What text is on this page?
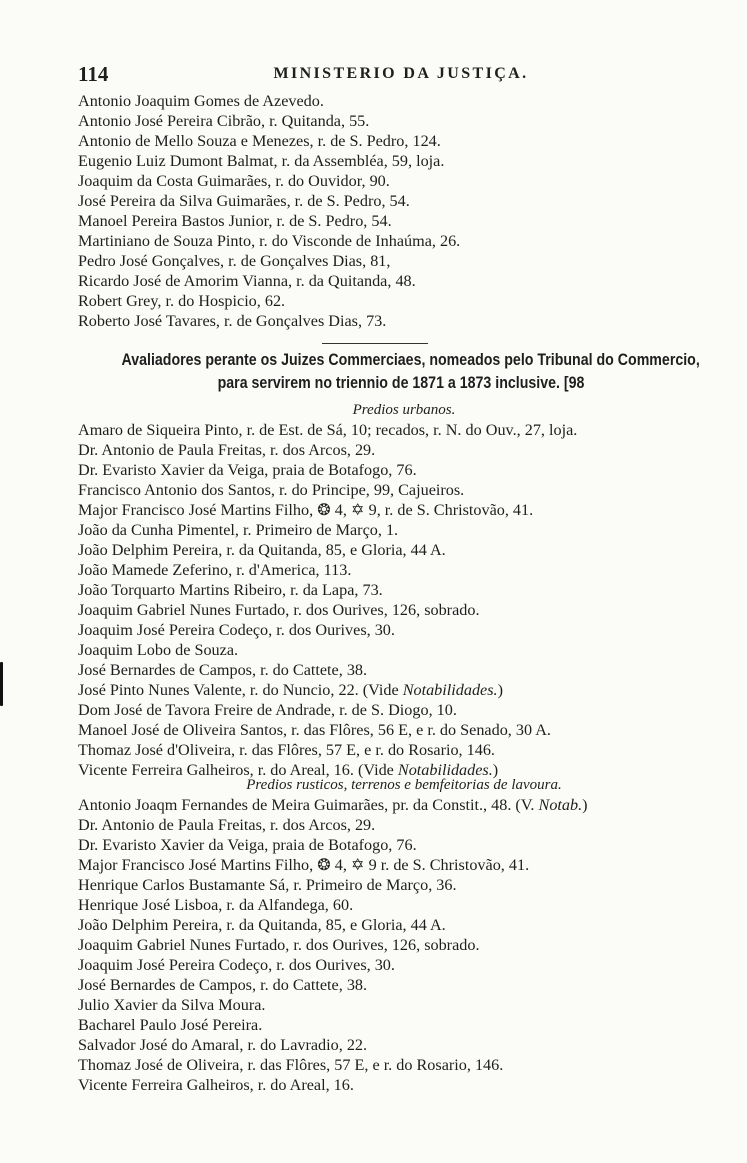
114	MINISTERIO DA JUSTIÇA.
Antonio Joaquim Gomes de Azevedo.
Antonio José Pereira Cibrão, r. Quitanda, 55.
Antonio de Mello Souza e Menezes, r. de S. Pedro, 124.
Eugenio Luiz Dumont Balmat, r. da Assembléa, 59, loja.
Joaquim da Costa Guimarães, r. do Ouvidor, 90.
José Pereira da Silva Guimarães, r. de S. Pedro, 54.
Manoel Pereira Bastos Junior, r. de S. Pedro, 54.
Martiniano de Souza Pinto, r. do Visconde de Inhaúma, 26.
Pedro José Gonçalves, r. de Gonçalves Dias, 81,
Ricardo José de Amorim Vianna, r. da Quitanda, 48.
Robert Grey, r. do Hospicio, 62.
Roberto José Tavares, r. de Gonçalves Dias, 73.
Avaliadores perante os Juizes Commerciaes, nomeados pelo Tribunal do Commercio,
para servirem no triennio de 1871 a 1873 inclusive. [98
Predios urbanos.
Amaro de Siqueira Pinto, r. de Est. de Sá, 10; recados, r. N. do Ouv., 27, loja.
Dr. Antonio de Paula Freitas, r. dos Arcos, 29.
Dr. Evaristo Xavier da Veiga, praia de Botafogo, 76.
Francisco Antonio dos Santos, r. do Principe, 99, Cajueiros.
Major Francisco José Martins Filho, ❂ 4, ✡ 9, r. de S. Christovão, 41.
João da Cunha Pimentel, r. Primeiro de Março, 1.
João Delphim Pereira, r. da Quitanda, 85, e Gloria, 44 A.
João Mamede Zeferino, r. d'America, 113.
João Torquarto Martins Ribeiro, r. da Lapa, 73.
Joaquim Gabriel Nunes Furtado, r. dos Ourives, 126, sobrado.
Joaquim José Pereira Codeço, r. dos Ourives, 30.
Joaquim Lobo de Souza.
José Bernardes de Campos, r. do Cattete, 38.
José Pinto Nunes Valente, r. do Nuncio, 22. (Vide Notabilidades.)
Dom José de Tavora Freire de Andrade, r. de S. Diogo, 10.
Manoel José de Oliveira Santos, r. das Flôres, 56 E, e r. do Senado, 30 A.
Thomaz José d'Oliveira, r. das Flôres, 57 E, e r. do Rosario, 146.
Vicente Ferreira Galheiros, r. do Areal, 16. (Vide Notabilidades.)
Predios rusticos, terrenos e bemfeitorias de lavoura.
Antonio Joaqm Fernandes de Meira Guimarães, pr. da Constit., 48. (V. Notab.)
Dr. Antonio de Paula Freitas, r. dos Arcos, 29.
Dr. Evaristo Xavier da Veiga, praia de Botafogo, 76.
Major Francisco José Martins Filho, ❂ 4, ✡ 9 r. de S. Christovão, 41.
Henrique Carlos Bustamante Sá, r. Primeiro de Março, 36.
Henrique José Lisboa, r. da Alfandega, 60.
João Delphim Pereira, r. da Quitanda, 85, e Gloria, 44 A.
Joaquim Gabriel Nunes Furtado, r. dos Ourives, 126, sobrado.
Joaquim José Pereira Codeço, r. dos Ourives, 30.
José Bernardes de Campos, r. do Cattete, 38.
Julio Xavier da Silva Moura.
Bacharel Paulo José Pereira.
Salvador José do Amaral, r. do Lavradio, 22.
Thomaz José de Oliveira, r. das Flôres, 57 E, e r. do Rosario, 146.
Vicente Ferreira Galheiros, r. do Areal, 16.
